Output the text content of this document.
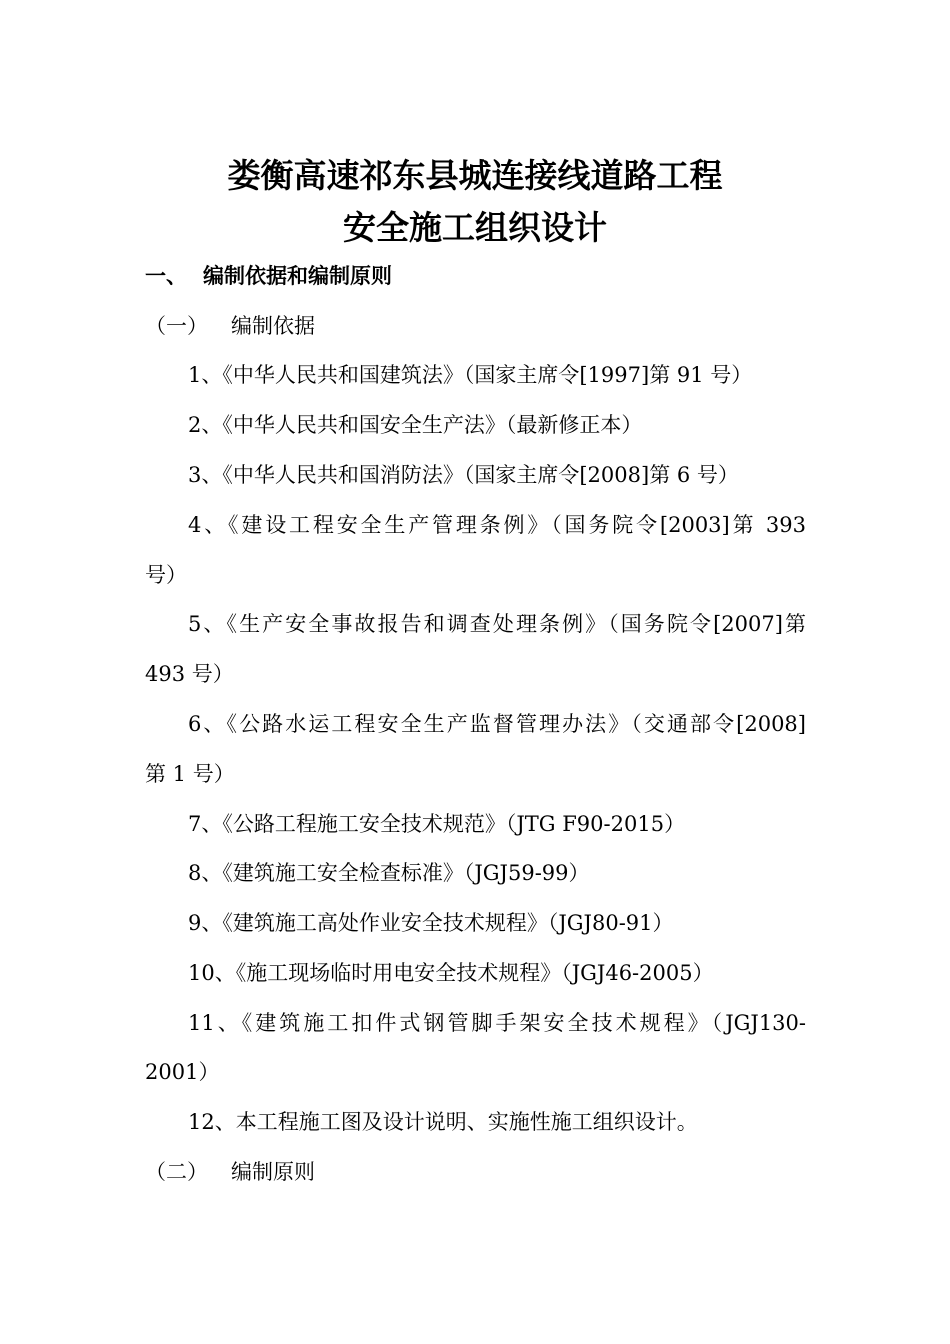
娄衡高速祁东县城连接线道路工程
安全施工组织设计
一、 编制依据和编制原则
（一） 编制依据
1、《中华人民共和国建筑法》（国家主席令[1997]第 91 号）
2、《中华人民共和国安全生产法》（最新修正本）
3、《中华人民共和国消防法》（国家主席令[2008]第 6 号）
4、《建设工程安全生产管理条例》（国务院令[2003]第 393
号）
5、《生产安全事故报告和调查处理条例》（国务院令[2007]第
493 号）
6、《公路水运工程安全生产监督管理办法》（交通部令[2008]
第 1 号）
7、《公路工程施工安全技术规范》（JTG F90-2015）
8、《建筑施工安全检查标准》（JGJ59-99）
9、《建筑施工高处作业安全技术规程》（JGJ80-91）
10、《施工现场临时用电安全技术规程》（JGJ46-2005）
11、《建筑施工扣件式钢管脚手架安全技术规程》（JGJ130-
2001）
12、本工程施工图及设计说明、实施性施工组织设计。
（二） 编制原则
